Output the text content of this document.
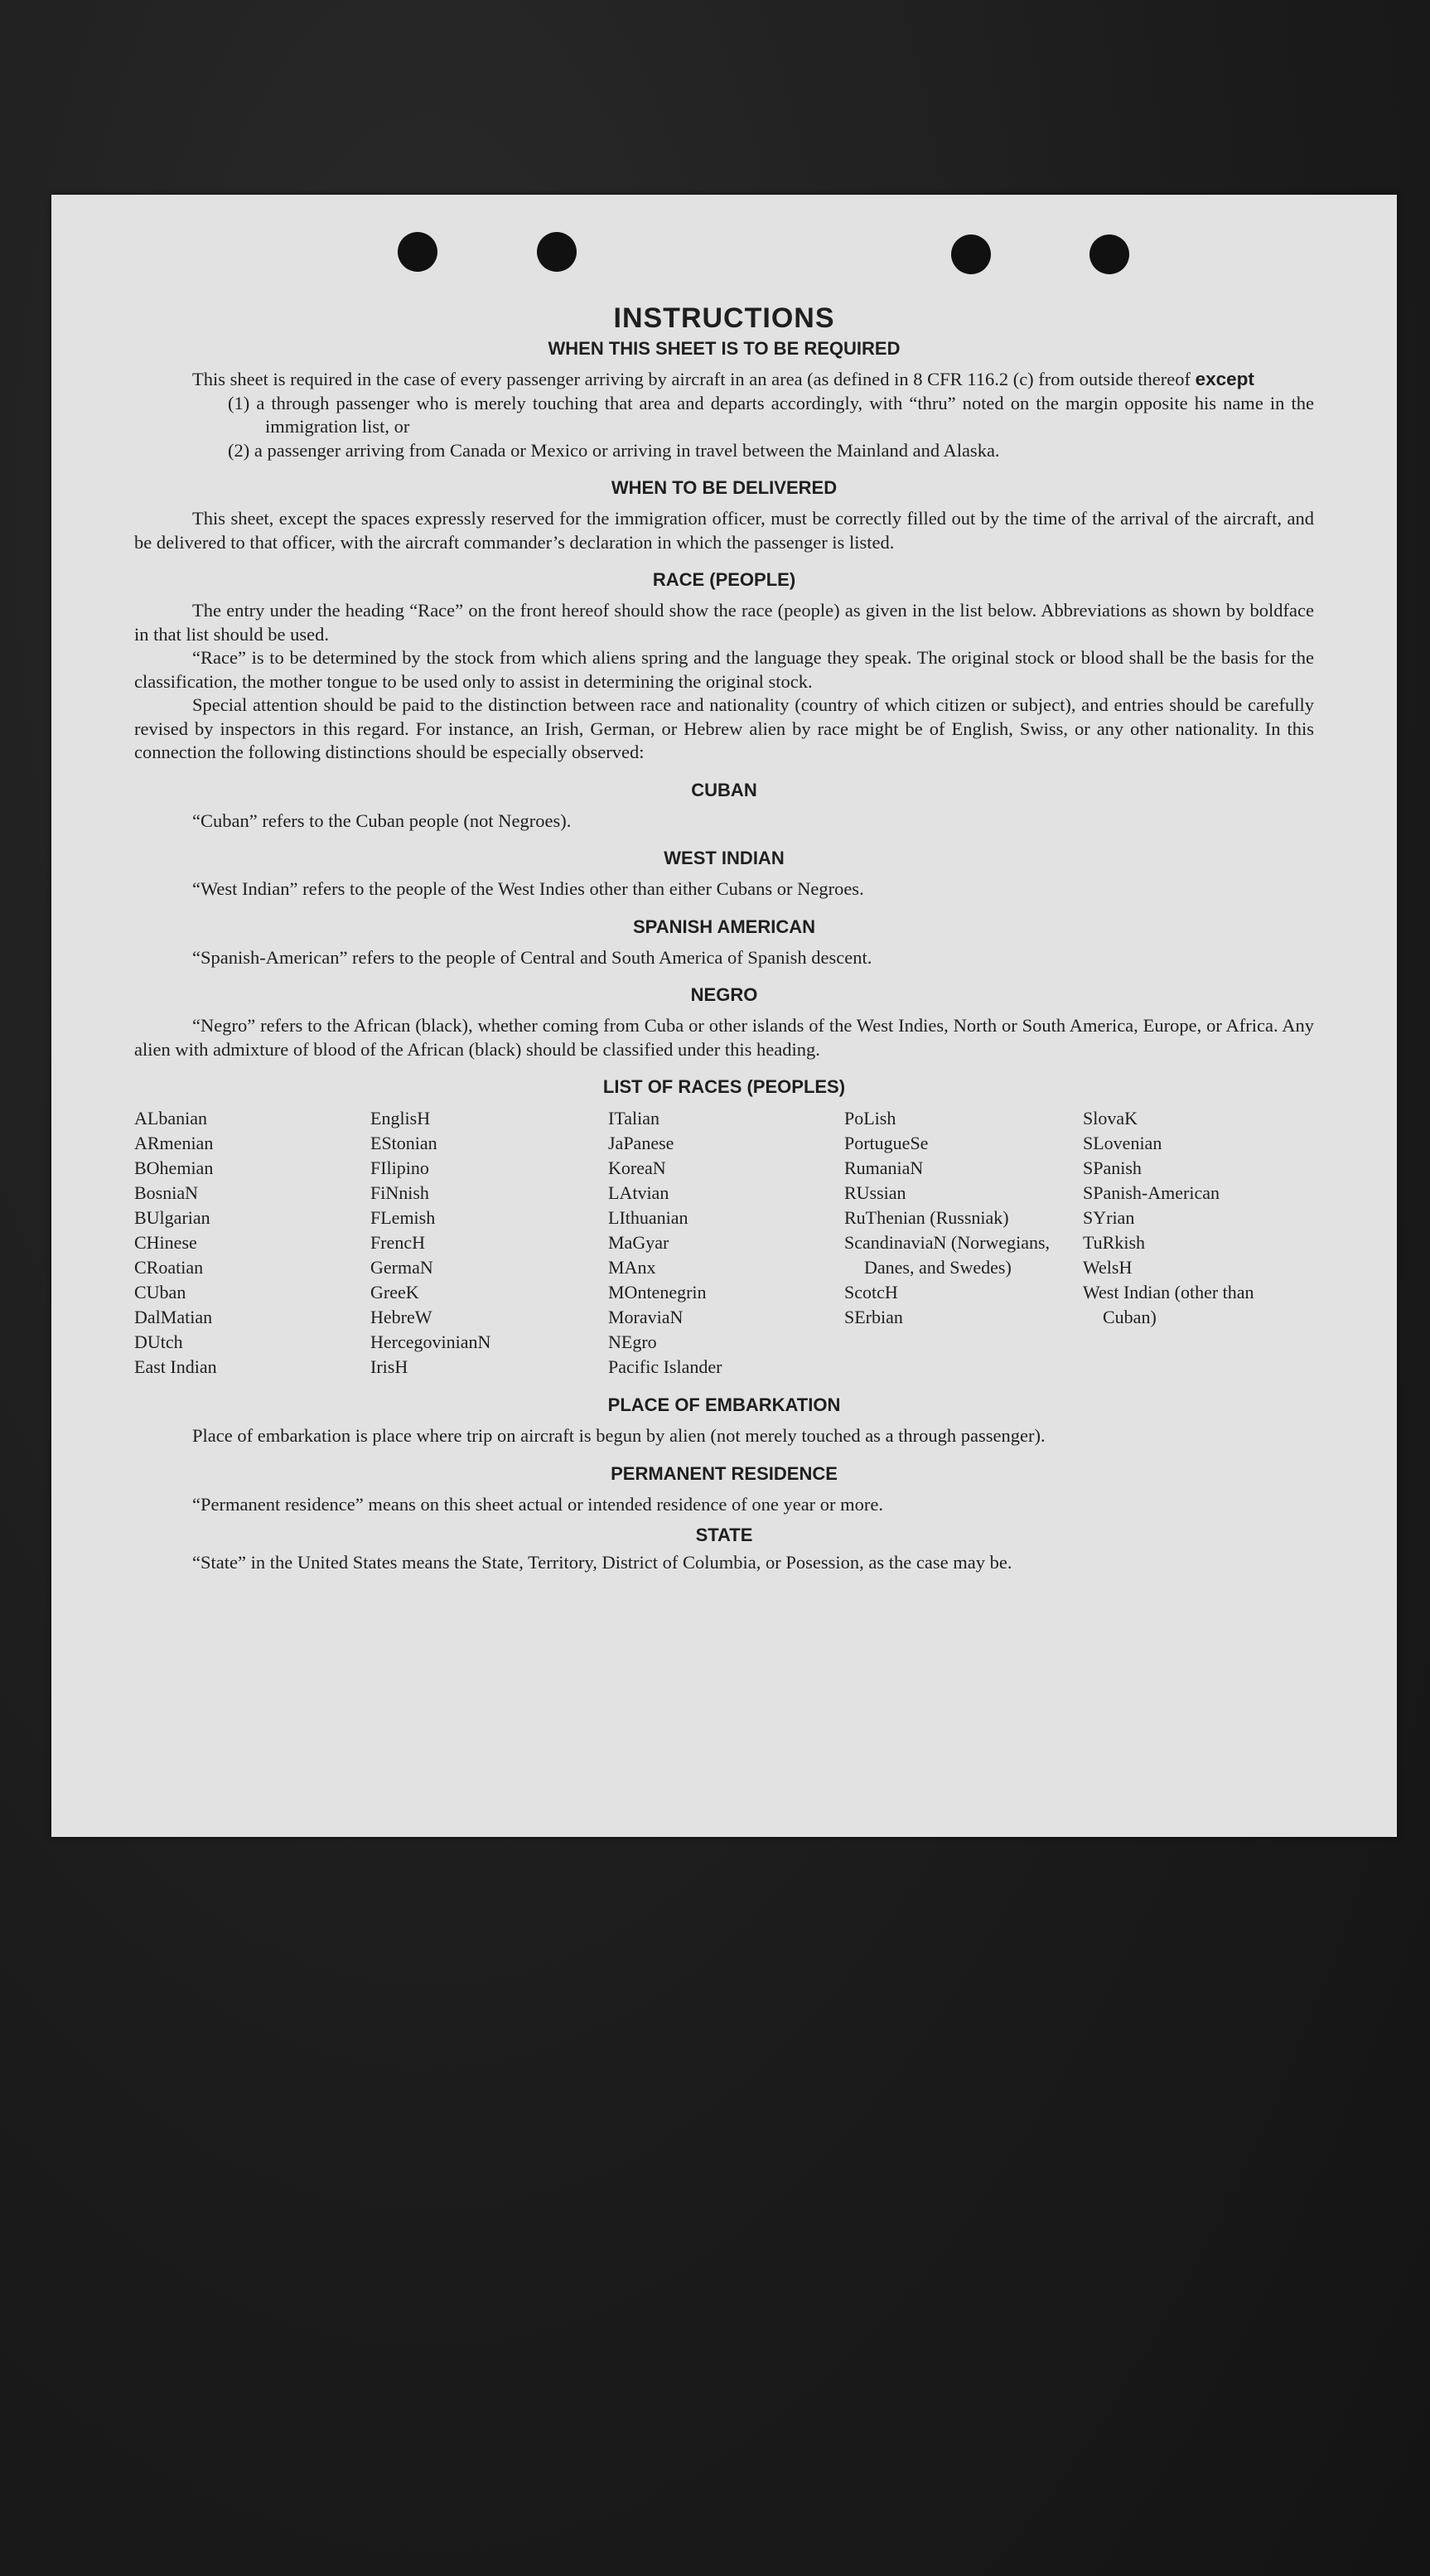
INSTRUCTIONS
WHEN THIS SHEET IS TO BE REQUIRED

This sheet is required in the case of every passenger arriving by aircraft in an area (as defined in 8 CFR 116.2 (c) from outside thereof except

(1) a through passenger who is merely touching that area and departs accordingly, with “thru” noted on the margin opposite his name in the immigration list, or
(2) a passenger arriving from Canada or Mexico or arriving in travel between the Mainland and Alaska.
WHEN TO BE DELIVERED

This sheet, except the spaces expressly reserved for the immigration officer, must be correctly filled out by the time of the arrival of the aircraft, and be delivered to that officer, with the aircraft commander’s declaration in which the passenger is listed.

RACE (PEOPLE)

The entry under the heading “Race” on the front hereof should show the race (people) as given in the list below. Abbreviations as shown by boldface in that list should be used.

“Race” is to be determined by the stock from which aliens spring and the language they speak. The original stock or blood shall be the basis for the classification, the mother tongue to be used only to assist in determining the original stock.

Special attention should be paid to the distinction between race and nationality (country of which citizen or subject), and entries should be carefully revised by inspectors in this regard. For instance, an Irish, German, or Hebrew alien by race might be of English, Swiss, or any other nationality. In this connection the following distinctions should be especially observed:

CUBAN

“Cuban” refers to the Cuban people (not Negroes).

WEST INDIAN

“West Indian” refers to the people of the West Indies other than either Cubans or Negroes.

SPANISH AMERICAN

“Spanish-American” refers to the people of Central and South America of Spanish descent.

NEGRO

“Negro” refers to the African (black), whether coming from Cuba or other islands of the West Indies, North or South America, Europe, or Africa. Any alien with admixture of blood of the African (black) should be classified under this heading.

LIST OF RACES (PEOPLES)
ALbanian
ARmenian
BOhemian
BosniaN
BUlgarian
CHinese
CRoatian
CUban
DalMatian
DUtch
East Indian
EnglisH
EStonian
FIlipino
FiNnish
FLemish
FrencH
GermaN
GreeK
HebreW
HercegovinianN
IrisH
ITalian
JaPanese
KoreaN
LAtvian
LIthuanian
MaGyar
MAnx
MOntenegrin
MoraviaN
NEgro
Pacific Islander
PoLish
PortugueSe
RumaniaN
RUssian
RuThenian (Russniak)
ScandinaviaN (Norwegians, Danes, and Swedes)
ScotcH
SErbian
SlovaK
SLovenian
SPanish
SPanish-American
SYrian
TuRkish
WelsH
West Indian (other than Cuban)
PLACE OF EMBARKATION

Place of embarkation is place where trip on aircraft is begun by alien (not merely touched as a through passenger).

PERMANENT RESIDENCE

“Permanent residence” means on this sheet actual or intended residence of one year or more.

STATE

“State” in the United States means the State, Territory, District of Columbia, or Posession, as the case may be.
